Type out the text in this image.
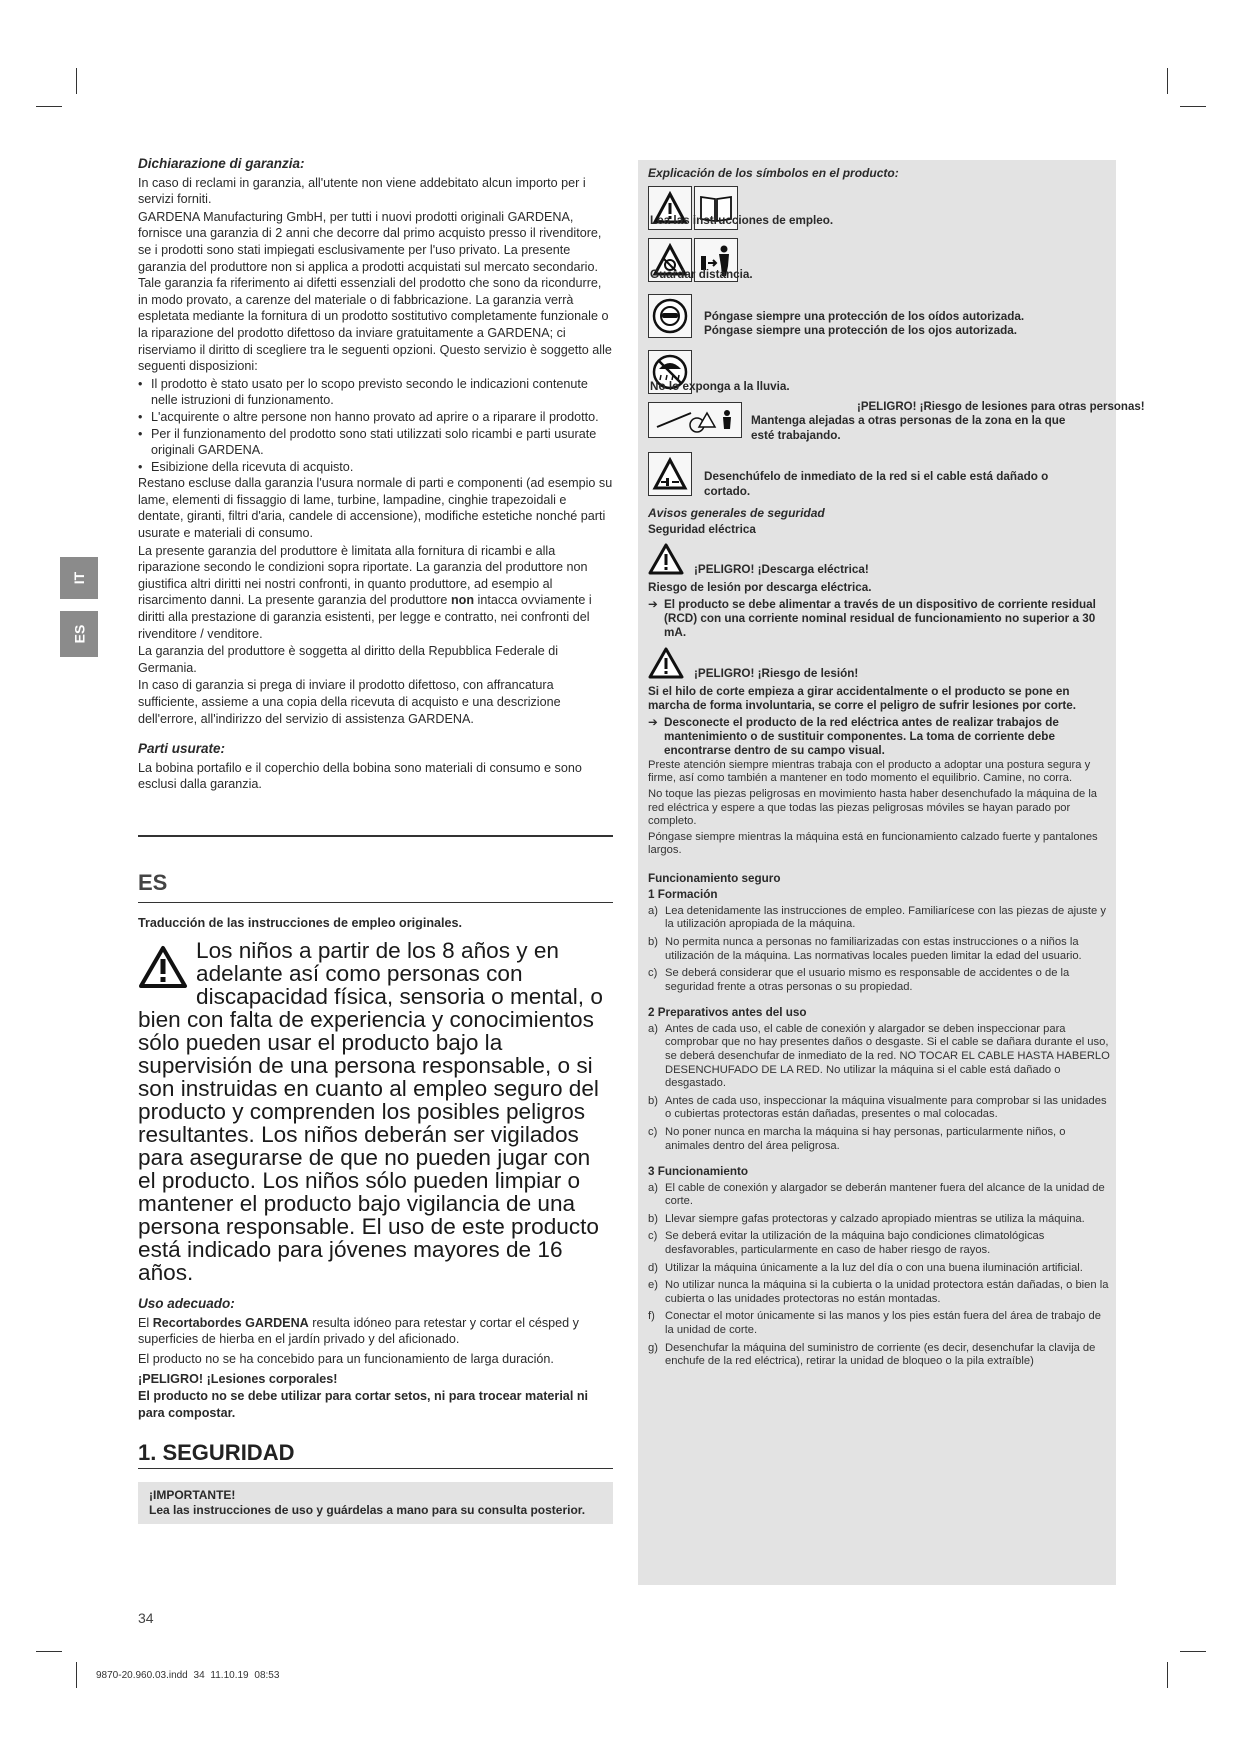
IT
ES
Dichiarazione di garanzia:

In caso di reclami in garanzia, all'utente non viene addebitato alcun importo per i servizi forniti.

GARDENA Manufacturing GmbH, per tutti i nuovi prodotti originali GARDENA, fornisce una garanzia di 2 anni che decorre dal primo acquisto presso il rivenditore, se i prodotti sono stati impiegati esclusivamente per l'uso privato. La presente garanzia del produttore non si applica a prodotti acquistati sul mercato secondario. Tale garanzia fa riferimento ai difetti essenziali del prodotto che sono da ricondurre, in modo provato, a carenze del materiale o di fabbricazione. La garanzia verrà espletata mediante la fornitura di un prodotto sostitutivo completamente funzionale o la riparazione del prodotto difettoso da inviare gratuitamente a GARDENA; ci riserviamo il diritto di scegliere tra le seguenti opzioni. Questo servizio è soggetto alle seguenti disposizioni:

• Il prodotto è stato usato per lo scopo previsto secondo le indicazioni contenute nelle istruzioni di funzionamento.
• L'acquirente o altre persone non hanno provato ad aprire o a riparare il prodotto.
• Per il funzionamento del prodotto sono stati utilizzati solo ricambi e parti usurate originali GARDENA.
• Esibizione della ricevuta di acquisto.

Restano escluse dalla garanzia l'usura normale di parti e componenti (ad esempio su lame, elementi di fissaggio di lame, turbine, lampadine, cinghie trapezoidali e dentate, giranti, filtri d'aria, candele di accensione), modifiche estetiche nonché parti usurate e materiali di consumo.

La presente garanzia del produttore è limitata alla fornitura di ricambi e alla riparazione secondo le condizioni sopra riportate. La garanzia del produttore non giustifica altri diritti nei nostri confronti, in quanto produttore, ad esempio al risarcimento danni. La presente garanzia del produttore non intacca ovviamente i diritti alla prestazione di garanzia esistenti, per legge e contratto, nei confronti del rivenditore / venditore.

La garanzia del produttore è soggetta al diritto della Repubblica Federale di Germania.

In caso di garanzia si prega di inviare il prodotto difettoso, con affrancatura sufficiente, assieme a una copia della ricevuta di acquisto e una descrizione dell'errore, all'indirizzo del servizio di assistenza GARDENA.

Parti usurate:

La bobina portafilo e il coperchio della bobina sono materiali di consumo e sono esclusi dalla garanzia.

ES

Traducción de las instrucciones de empleo originales.

Los niños a partir de los 8 años y en adelante así como personas con discapacidad física, sensoria o mental, o bien con falta de experiencia y conocimientos sólo pueden usar el producto bajo la supervisión de una persona responsable, o si son instruidas en cuanto al empleo seguro del producto y comprenden los posibles peligros resultantes. Los niños deberán ser vigilados para asegurarse de que no pueden jugar con el producto. Los niños sólo pueden limpiar o mantener el producto bajo vigilancia de una persona responsable. El uso de este producto está indicado para jóvenes mayores de 16 años.
Uso adecuado:

El Recortabordes GARDENA resulta idóneo para retestar y cortar el césped y superficies de hierba en el jardín privado y del aficionado.

El producto no se ha concebido para un funcionamiento de larga duración.

¡PELIGRO! ¡Lesiones corporales!

El producto no se debe utilizar para cortar setos, ni para trocear material ni para compostar.

1. SEGURIDAD
¡IMPORTANTE!
Lea las instrucciones de uso y guárdelas a mano para su consulta posterior.
Explicación de los símbolos en el producto:
Lea las instrucciones de empleo.
Guardar distancia.
Póngase siempre una protección de los oídos autorizada.
Póngase siempre una protección de los ojos autorizada.
No lo exponga a la lluvia.
¡PELIGRO! ¡Riesgo de lesiones para otras personas!
Mantenga alejadas a otras personas de la zona en la que esté trabajando.
Desenchúfelo de inmediato de la red si el cable está dañado o cortado.
Avisos generales de seguridad

Seguridad eléctrica

¡PELIGRO! ¡Descarga eléctrica!

Riesgo de lesión por descarga eléctrica.

➔ El producto se debe alimentar a través de un dispositivo de corriente residual (RCD) con una corriente nominal residual de funcionamiento no superior a 30 mA.
¡PELIGRO! ¡Riesgo de lesión!

Si el hilo de corte empieza a girar accidentalmente o el producto se pone en marcha de forma involuntaria, se corre el peligro de sufrir lesiones por corte.

➔ Desconecte el producto de la red eléctrica antes de realizar trabajos de mantenimiento o de sustituir componentes. La toma de corriente debe encontrarse dentro de su campo visual.

Preste atención siempre mientras trabaja con el producto a adoptar una postura segura y firme, así como también a mantener en todo momento el equilibrio. Camine, no corra.

No toque las piezas peligrosas en movimiento hasta haber desenchufado la máquina de la red eléctrica y espere a que todas las piezas peligrosas móviles se hayan parado por completo.

Póngase siempre mientras la máquina está en funcionamiento calzado fuerte y pantalones largos.

Funcionamiento seguro

1 Formación

a) Lea detenidamente las instrucciones de empleo. Familiarícese con las piezas de ajuste y la utilización apropiada de la máquina.
b) No permita nunca a personas no familiarizadas con estas instrucciones o a niños la utilización de la máquina. Las normativas locales pueden limitar la edad del usuario.
c) Se deberá considerar que el usuario mismo es responsable de accidentes o de la seguridad frente a otras personas o su propiedad.

2 Preparativos antes del uso

a) Antes de cada uso, el cable de conexión y alargador se deben inspeccionar para comprobar que no hay presentes daños o desgaste. Si el cable se dañara durante el uso, se deberá desenchufar de inmediato de la red. NO TOCAR EL CABLE HASTA HABERLO DESENCHUFADO DE LA RED. No utilizar la máquina si el cable está dañado o desgastado.
b) Antes de cada uso, inspeccionar la máquina visualmente para comprobar si las unidades o cubiertas protectoras están dañadas, presentes o mal colocadas.
c) No poner nunca en marcha la máquina si hay personas, particularmente niños, o animales dentro del área peligrosa.

3 Funcionamiento

a) El cable de conexión y alargador se deberán mantener fuera del alcance de la unidad de corte.
b) Llevar siempre gafas protectoras y calzado apropiado mientras se utiliza la máquina.
c) Se deberá evitar la utilización de la máquina bajo condiciones climatológicas desfavorables, particularmente en caso de haber riesgo de rayos.
d) Utilizar la máquina únicamente a la luz del día o con una buena iluminación artificial.
e) No utilizar nunca la máquina si la cubierta o la unidad protectora están dañadas, o bien la cubierta o las unidades protectoras no están montadas.
f) Conectar el motor únicamente si las manos y los pies están fuera del área de trabajo de la unidad de corte.
g) Desenchufar la máquina del suministro de corriente (es decir, desenchufar la clavija de enchufe de la red eléctrica), retirar la unidad de bloqueo o la pila extraíble)
34
9870-20.960.03.indd 34 11.10.19 08:53
